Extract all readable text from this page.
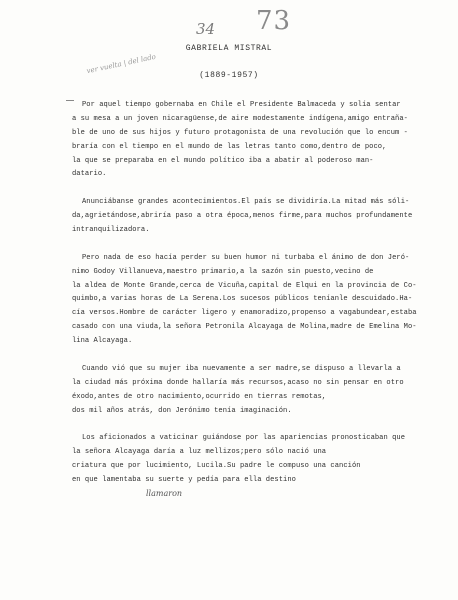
34 73
ver vuelta | del lado
GABRIELA MISTRAL
(1889-1957)
Por aquel tiempo gobernaba en Chile el Presidente Balmaceda y solía sentar
a su mesa a un joven nicaragüense,de aire modestamente indígena,amigo entraña-
ble de uno de sus hijos y futuro protagonista de una revolución que lo encum -
braría con el tiempo en el mundo de las letras tanto como,dentro de poco,
la que se preparaba en el mundo político iba a abatir al poderoso man-
datario.
Anunciábanse grandes acontecimientos.El país se dividiría.La mitad más sóli-
da,agrietándose,abriría paso a otra época,menos firme,para muchos profundamente
intranquilizadora.
Pero nada de eso hacía perder su buen humor ni turbaba el ánimo de don Jeró-
nimo Godoy Villanueva,maestro primario,a la sazón sin puesto,vecino de
la aldea de Monte Grande,cerca de Vicuña,capital de Elqui en la provincia de Co-
quimbo,a varias horas de La Serena.Los sucesos públicos teníanle descuidado.Ha-
cía versos.Hombre de carácter ligero y enamoradizo,propenso a vagabundear,estaba
casado con una viuda,la señora Petronila Alcayaga de Molina,madre de Emelina Mo-
lina Alcayaga.
Cuando vió que su mujer iba nuevamente a ser madre,se dispuso a llevarla a
la ciudad más próxima donde hallaría más recursos,acaso no sin pensar en otro
éxodo,antes de otro nacimiento,ocurrido en tierras remotas,
dos mil años atrás, don Jerónimo tenía imaginación.
Los aficionados a vaticinar guiándose por las apariencias pronosticaban que
la señora Alcayaga daría a luz mellizos;pero sólo nació una
criatura que por lucimiento, Lucila.Su padre le compuso una canción
en que lamentaba su suerte y pedía para ella destino
llamaron
